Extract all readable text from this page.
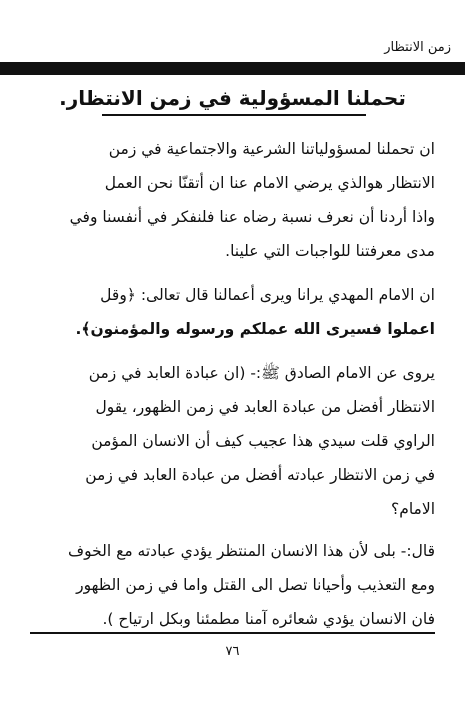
زمن الانتظار
تحملنا المسؤولية في زمن الانتظار.
ان تحملنا لمسؤولياتنا الشرعية والاجتماعية في زمن
الانتظار هوالذي يرضي الامام عنا ان أتقنّا نحن العمل
واذا أردنا أن نعرف نسبة رضاه عنا فلنفكر في أنفسنا وفي
مدى معرفتنا للواجبات التي علينا.
ان الامام المهدي يرانا ويرى أعمالنا قال تعالى: ﴿وقل
اعملوا فسيرى الله عملكم ورسوله والمؤمنون﴾.
يروى عن الامام الصادق ﷺ:- (ان عبادة العابد في زمن
الانتظار أفضل من عبادة العابد في زمن الظهور، يقول
الراوي قلت سيدي هذا عجيب كيف أن الانسان المؤمن
في زمن الانتظار عبادته أفضل من عبادة العابد في زمن
الامام؟
قال:- بلى لأن هذا الانسان المنتظر يؤدي عبادته مع الخوف
ومع التعذيب وأحيانا تصل الى القتل واما في زمن الظهور
فان الانسان يؤدي شعائره آمنا مطمئنا وبكل ارتياح ).
٧٦
